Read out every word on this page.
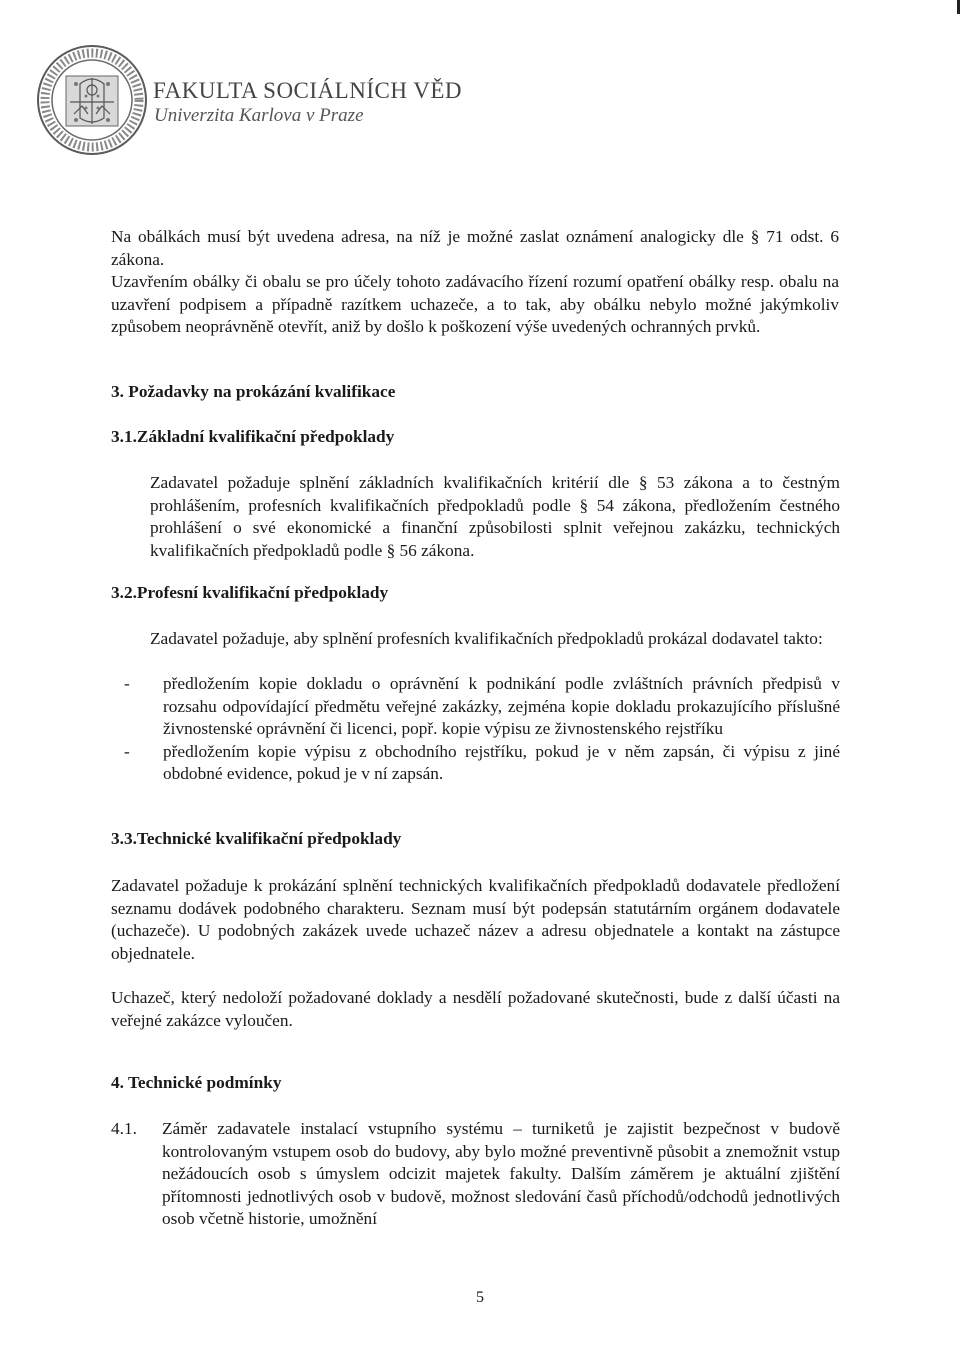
FAKULTA SOCIÁLNÍCH VĚD
Univerzita Karlova v Praze
Na obálkách musí být uvedena adresa, na níž je možné zaslat oznámení analogicky dle § 71 odst. 6 zákona.
Uzavřením obálky či obalu se pro účely tohoto zadávacího řízení rozumí opatření obálky resp. obalu na uzavření podpisem a případně razítkem uchazeče, a to tak, aby obálku nebylo možné jakýmkoliv způsobem neoprávněně otevřít, aniž by došlo k poškození výše uvedených ochranných prvků.
3. Požadavky na prokázání kvalifikace
3.1.Základní kvalifikační předpoklady
Zadavatel požaduje splnění základních kvalifikačních kritérií dle § 53 zákona a to čestným prohlášením, profesních kvalifikačních předpokladů podle § 54 zákona, předložením čestného prohlášení o své ekonomické a finanční způsobilosti splnit veřejnou zakázku, technických kvalifikačních předpokladů podle § 56 zákona.
3.2.Profesní kvalifikační předpoklady
Zadavatel požaduje, aby splnění profesních kvalifikačních předpokladů prokázal dodavatel takto:
- předložením kopie dokladu o oprávnění k podnikání podle zvláštních právních předpisů v rozsahu odpovídající předmětu veřejné zakázky, zejména kopie dokladu prokazujícího příslušné živnostenské oprávnění či licenci, popř. kopie výpisu ze živnostenského rejstříku
- předložením kopie výpisu z obchodního rejstříku, pokud je v něm zapsán, či výpisu z jiné obdobné evidence, pokud je v ní zapsán.
3.3.Technické kvalifikační předpoklady
Zadavatel požaduje k prokázání splnění technických kvalifikačních předpokladů dodavatele předložení seznamu dodávek podobného charakteru. Seznam musí být podepsán statutárním orgánem dodavatele (uchazeče). U podobných zakázek uvede uchazeč název a adresu objednatele a kontakt na zástupce objednatele.
Uchazeč, který nedoloží požadované doklady a nesdělí požadované skutečnosti, bude z další účasti na veřejné zakázce vyloučen.
4. Technické podmínky
4.1. Záměr zadavatele instalací vstupního systému – turniketů je zajistit bezpečnost v budově kontrolovaným vstupem osob do budovy, aby bylo možné preventivně působit a znemožnit vstup nežádoucích osob s úmyslem odcizit majetek fakulty. Dalším záměrem je aktuální zjištění přítomnosti jednotlivých osob v budově, možnost sledování časů příchodů/odchodů jednotlivých osob včetně historie, umožnění
5
